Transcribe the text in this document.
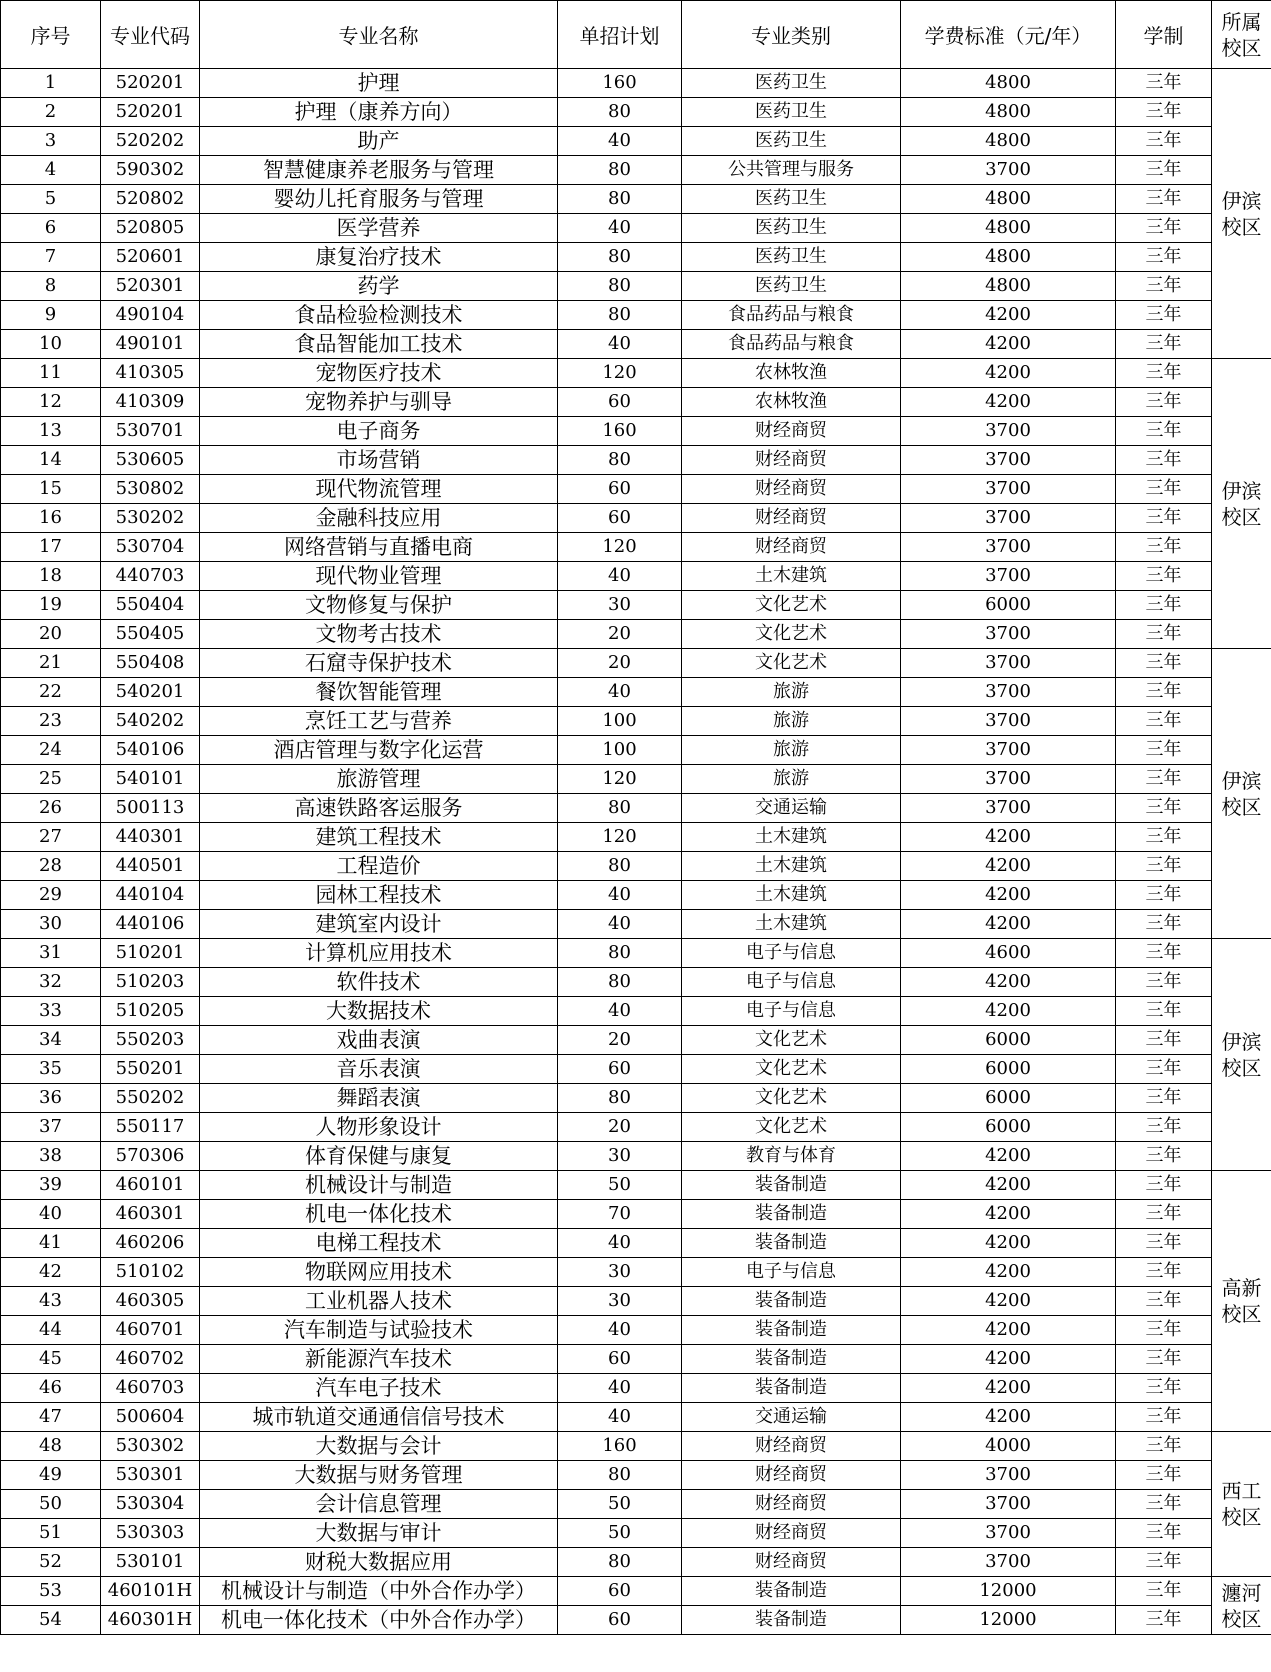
序号	专业代码	专业名称	单招计划	专业类别	学费标准（元/年）	学制	所属校区
1	520201	护理	160	医药卫生	4800	三年	伊滨校区
2	520201	护理（康养方向）	80	医药卫生	4800	三年	
3	520202	助产	40	医药卫生	4800	三年	
4	590302	智慧健康养老服务与管理	80	公共管理与服务	3700	三年	
5	520802	婴幼儿托育服务与管理	80	医药卫生	4800	三年	
6	520805	医学营养	40	医药卫生	4800	三年	
7	520601	康复治疗技术	80	医药卫生	4800	三年	
8	520301	药学	80	医药卫生	4800	三年	
9	490104	食品检验检测技术	80	食品药品与粮食	4200	三年	
10	490101	食品智能加工技术	40	食品药品与粮食	4200	三年	
11	410305	宠物医疗技术	120	农林牧渔	4200	三年	伊滨校区
12	410309	宠物养护与驯导	60	农林牧渔	4200	三年	
13	530701	电子商务	160	财经商贸	3700	三年	
14	530605	市场营销	80	财经商贸	3700	三年	
15	530802	现代物流管理	60	财经商贸	3700	三年	
16	530202	金融科技应用	60	财经商贸	3700	三年	
17	530704	网络营销与直播电商	120	财经商贸	3700	三年	
18	440703	现代物业管理	40	土木建筑	3700	三年	
19	550404	文物修复与保护	30	文化艺术	6000	三年	
20	550405	文物考古技术	20	文化艺术	3700	三年	
21	550408	石窟寺保护技术	20	文化艺术	3700	三年	伊滨校区
22	540201	餐饮智能管理	40	旅游	3700	三年	
23	540202	烹饪工艺与营养	100	旅游	3700	三年	
24	540106	酒店管理与数字化运营	100	旅游	3700	三年	
25	540101	旅游管理	120	旅游	3700	三年	
26	500113	高速铁路客运服务	80	交通运输	3700	三年	
27	440301	建筑工程技术	120	土木建筑	4200	三年	
28	440501	工程造价	80	土木建筑	4200	三年	
29	440104	园林工程技术	40	土木建筑	4200	三年	
30	440106	建筑室内设计	40	土木建筑	4200	三年	
31	510201	计算机应用技术	80	电子与信息	4600	三年	伊滨校区
32	510203	软件技术	80	电子与信息	4200	三年	
33	510205	大数据技术	40	电子与信息	4200	三年	
34	550203	戏曲表演	20	文化艺术	6000	三年	
35	550201	音乐表演	60	文化艺术	6000	三年	
36	550202	舞蹈表演	80	文化艺术	6000	三年	
37	550117	人物形象设计	20	文化艺术	6000	三年	
38	570306	体育保健与康复	30	教育与体育	4200	三年	
39	460101	机械设计与制造	50	装备制造	4200	三年	高新校区
40	460301	机电一体化技术	70	装备制造	4200	三年	
41	460206	电梯工程技术	40	装备制造	4200	三年	
42	510102	物联网应用技术	30	电子与信息	4200	三年	
43	460305	工业机器人技术	30	装备制造	4200	三年	
44	460701	汽车制造与试验技术	40	装备制造	4200	三年	
45	460702	新能源汽车技术	60	装备制造	4200	三年	
46	460703	汽车电子技术	40	装备制造	4200	三年	
47	500604	城市轨道交通通信信号技术	40	交通运输	4200	三年	
48	530302	大数据与会计	160	财经商贸	4000	三年	西工校区
49	530301	大数据与财务管理	80	财经商贸	3700	三年	
50	530304	会计信息管理	50	财经商贸	3700	三年	
51	530303	大数据与审计	50	财经商贸	3700	三年	
52	530101	财税大数据应用	80	财经商贸	3700	三年	
53	460101H	机械设计与制造（中外合作办学）	60	装备制造	12000	三年	瀍河校区
54	460301H	机电一体化技术（中外合作办学）	60	装备制造	12000	三年	
